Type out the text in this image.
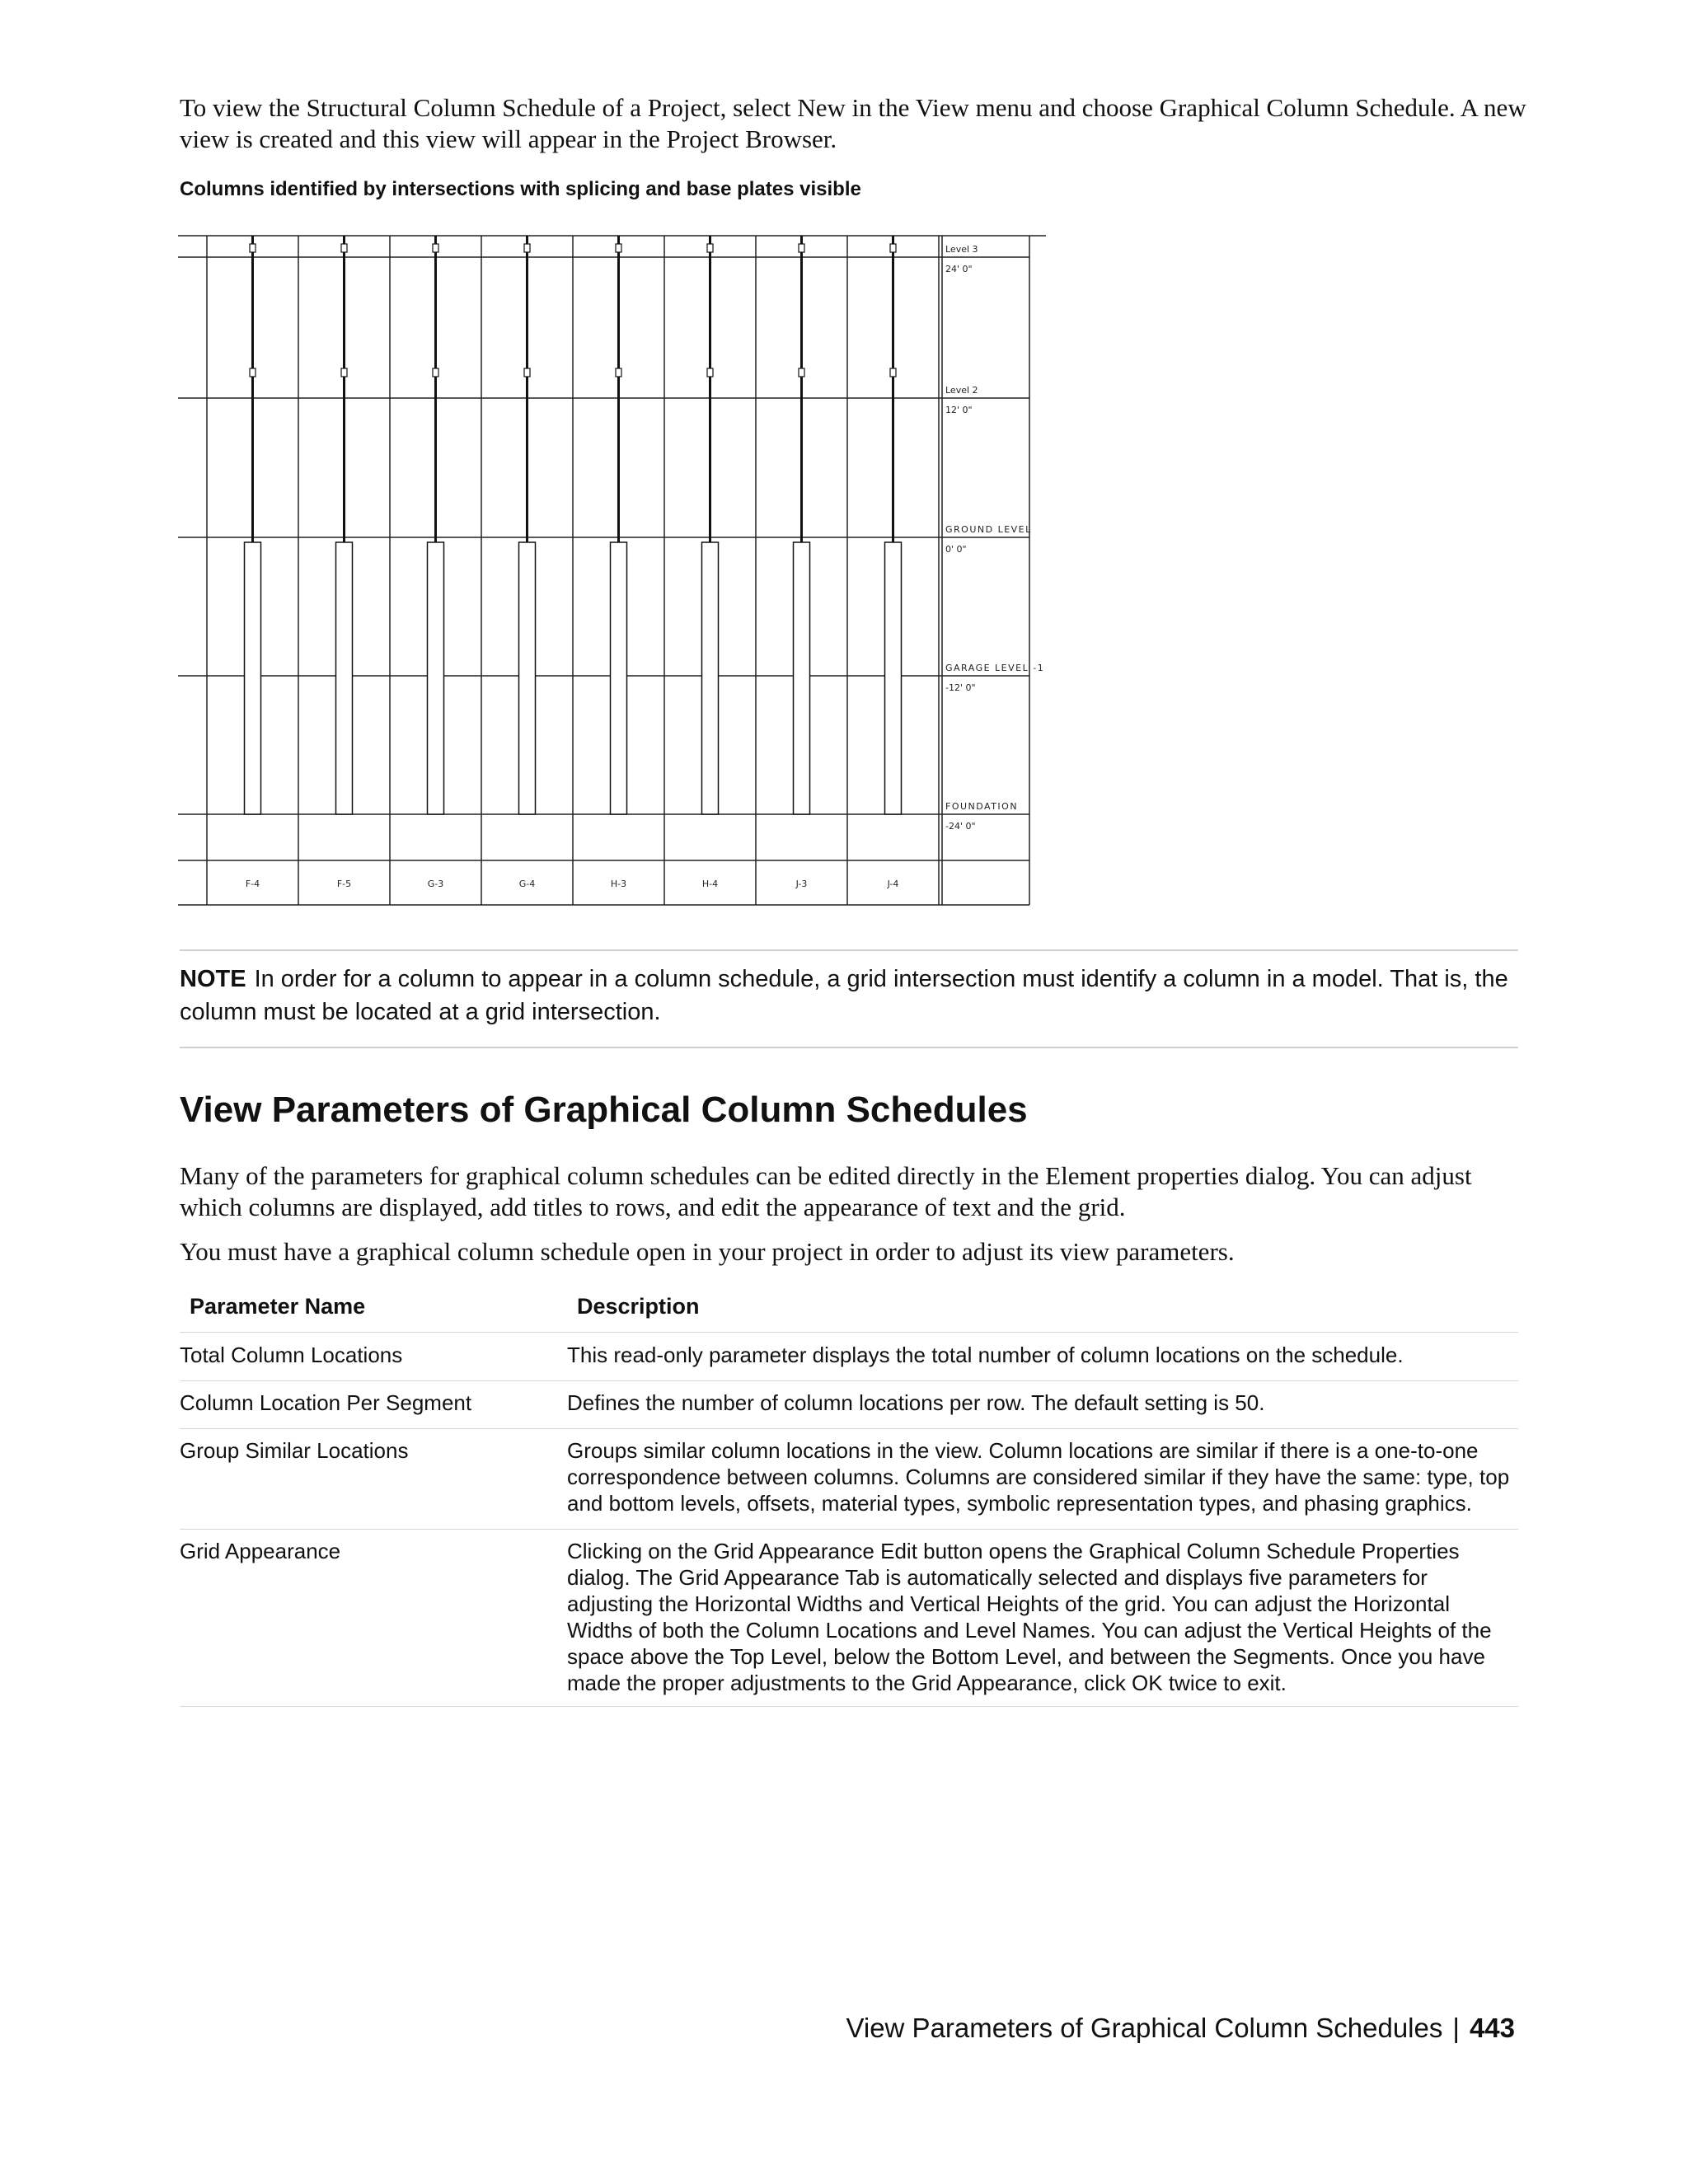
To view the Structural Column Schedule of a Project, select New in the View menu and choose Graphical Column Schedule. A new view is created and this view will appear in the Project Browser.
Columns identified by intersections with splicing and base plates visible
Level 3
24' 0"
Level 2
12' 0"
GROUND LEVEL
0' 0"
GARAGE LEVEL -1
-12' 0"
FOUNDATION
-24' 0"
F-4	F-5	G-3	G-4	H-3	H-4	J-3	J-4
NOTE In order for a column to appear in a column schedule, a grid intersection must identify a column in a model. That is, the column must be located at a grid intersection.
View Parameters of Graphical Column Schedules
Many of the parameters for graphical column schedules can be edited directly in the Element properties dialog. You can adjust which columns are displayed, add titles to rows, and edit the appearance of text and the grid.
You must have a graphical column schedule open in your project in order to adjust its view parameters.
Parameter Name	Description
Total Column Locations	This read-only parameter displays the total number of column locations on the schedule.
Column Location Per Segment	Defines the number of column locations per row. The default setting is 50.
Group Similar Locations	Groups similar column locations in the view. Column locations are similar if there is a one-to-one correspondence between columns. Columns are considered similar if they have the same: type, top and bottom levels, offsets, material types, symbolic representation types, and phasing graphics.
Grid Appearance	Clicking on the Grid Appearance Edit button opens the Graphical Column Schedule Properties dialog. The Grid Appearance Tab is automatically selected and displays five parameters for adjusting the Horizontal Widths and Vertical Heights of the grid. You can adjust the Horizontal Widths of both the Column Locations and Level Names. You can adjust the Vertical Heights of the space above the Top Level, below the Bottom Level, and between the Segments. Once you have made the proper adjustments to the Grid Appearance, click OK twice to exit.
View Parameters of Graphical Column Schedules | 443
